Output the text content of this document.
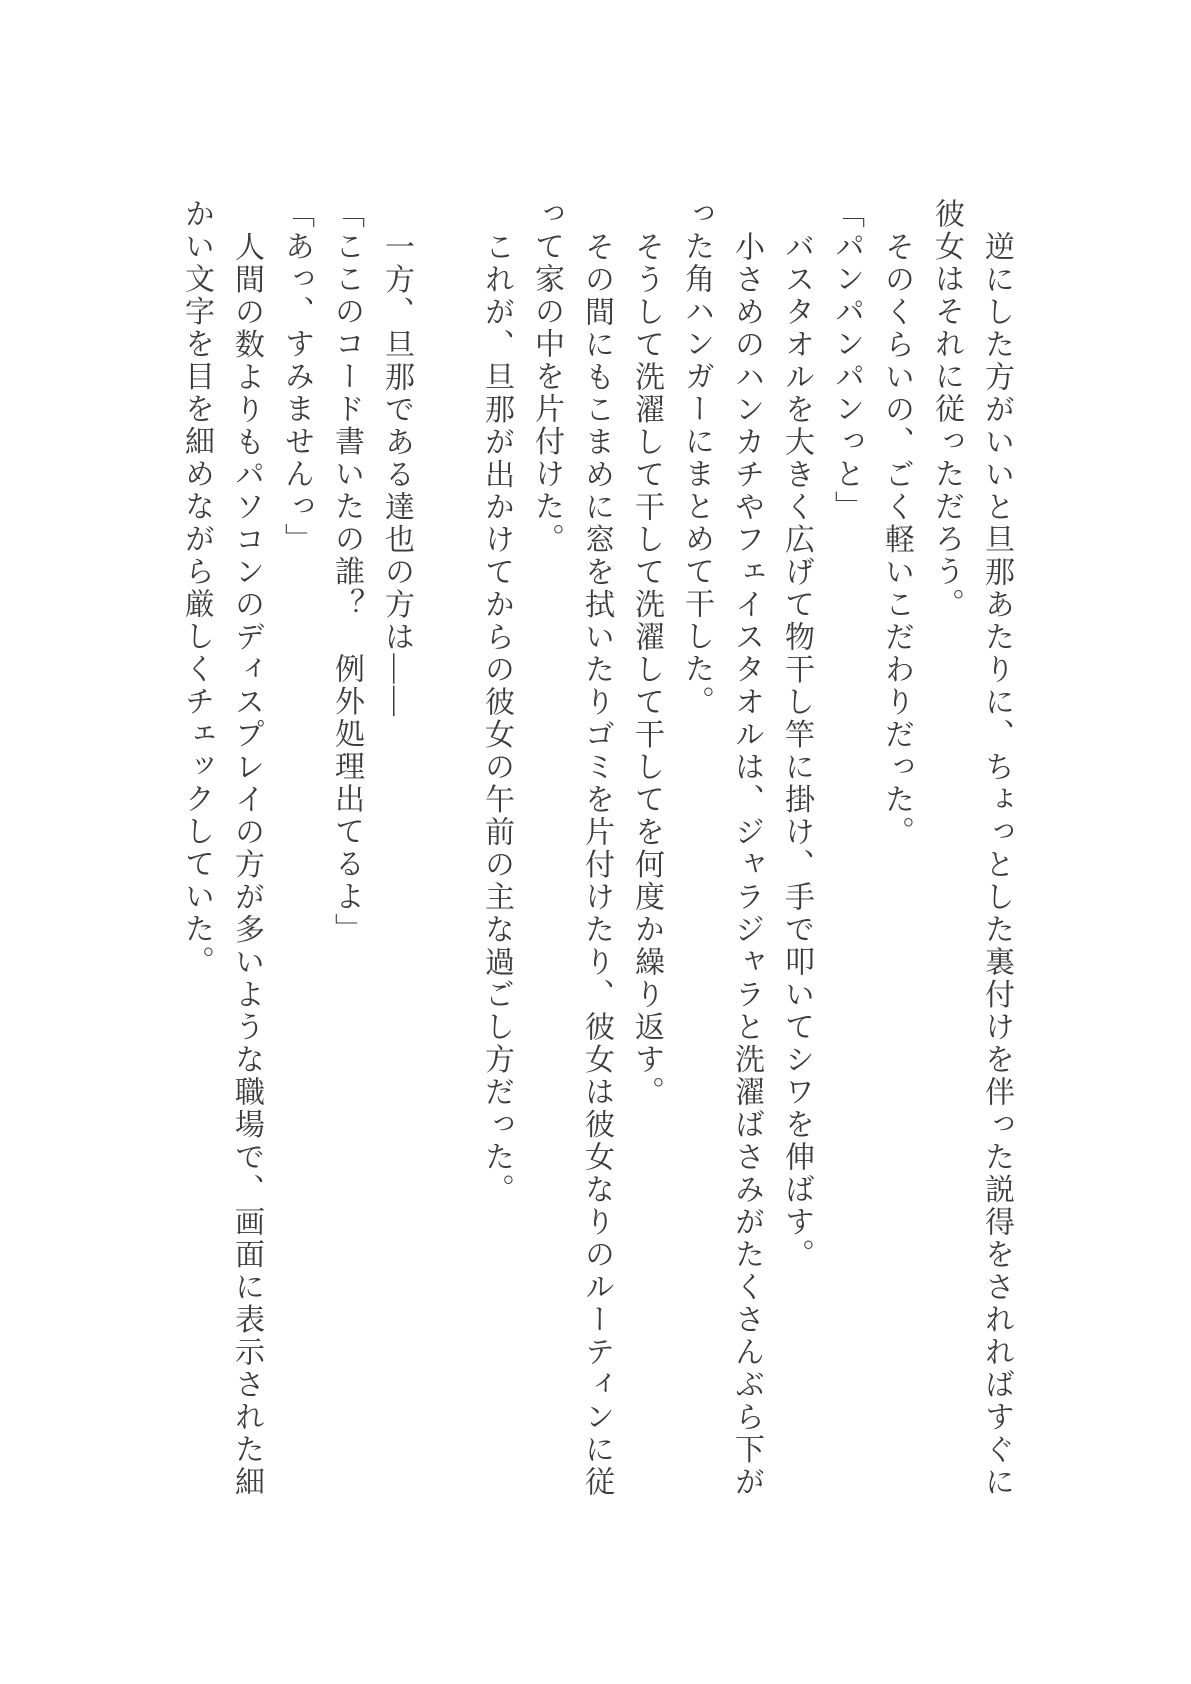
逆にした方がいいと旦那あたりに、ちょっとした裏付けを伴った説得をされればすぐに
彼女はそれに従っただろう。
そのくらいの、ごく軽いこだわりだった。
「パンパンパンっと」
バスタオルを大きく広げて物干し竿に掛け、手で叩いてシワを伸ばす。
小さめのハンカチやフェイスタオルは、ジャラジャラと洗濯ばさみがたくさんぶら下が
った角ハンガーにまとめて干した。
そうして洗濯して干して洗濯して干してを何度か繰り返す。
その間にもこまめに窓を拭いたりゴミを片付けたり、彼女は彼女なりのルーティンに従
って家の中を片付けた。
これが、旦那が出かけてからの彼女の午前の主な過ごし方だった。
一方、旦那である達也の方は――
「ここのコード書いたの誰？　例外処理出てるよ」
「あっ、すみませんっ」
人間の数よりもパソコンのディスプレイの方が多いような職場で、画面に表示された細
かい文字を目を細めながら厳しくチェックしていた。
